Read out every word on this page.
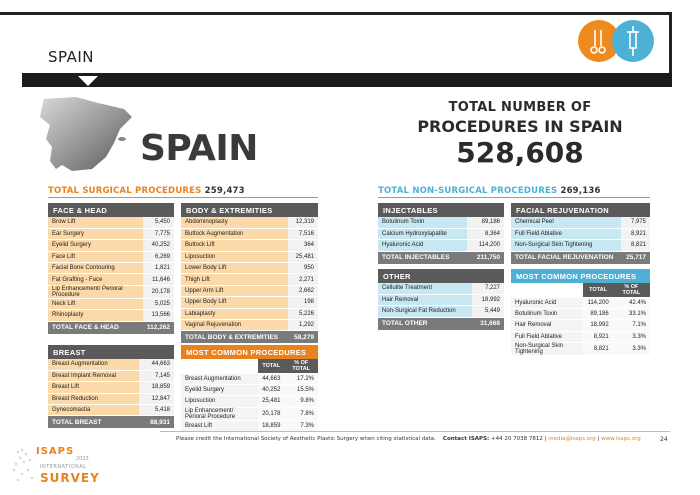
SPAIN
SPAIN
TOTAL NUMBER OF
PROCEDURES IN SPAIN
528,608
TOTAL SURGICAL PROCEDURES 259,473	TOTAL NON-SURGICAL PROCEDURES 269,136
FACE & HEAD	
Brow Lift	5,450
Ear Surgery	7,775
Eyelid Surgery	40,252
Face Lift	6,269
Facial Bone Contouring	1,821
Fat Grafting - Face	11,646
Lip Enhancement/ Perioral Procedure	20,178
Neck Lift	5,025
Rhinoplasty	13,566
TOTAL FACE & HEAD	112,262
BODY & EXTREMITIES	
Abdominoplasty	12,319
Buttock Augmentation	7,516
Buttock Lift	364
Liposuction	25,481
Lower Body Lift	950
Thigh Lift	2,271
Upper Arm Lift	2,662
Upper Body Lift	198
Labiaplasty	5,226
Vaginal Rejuvenation	1,292
TOTAL BODY & EXTREMITIES	58,279
BREAST	
Breast Augmentation	44,663
Breast Implant Removal	7,145
Breast Lift	18,859
Breast Reduction	12,847
Gynecomastia	5,418
TOTAL BREAST	88,931
MOST COMMON PROCEDURES		
	TOTAL	% OF TOTAL
Breast Augmentation	44,663	17.2%
Eyelid Surgery	40,252	15.5%
Liposuction	25,481	9.8%
Lip Enhancement/ Perioral Procedure	20,178	7.8%
Breast Lift	18,859	7.3%
INJECTABLES	
Botulinum Toxin	89,186
Calcium Hydroxylapatite	8,364
Hyaluronic Acid	114,200
TOTAL INJECTABLES	211,750
FACIAL REJUVENATION	
Chemical Peel	7,975
Full Field Ablative	8,921
Non-Surgical Skin Tightening	8,821
TOTAL FACIAL REJUVENATION	25,717
OTHER	
Cellulite Treatment	7,227
Hair Removal	18,992
Non-Surgical Fat Reduction	5,449
TOTAL OTHER	31,668
MOST COMMON PROCEDURES		
	TOTAL	% OF TOTAL
Hyaluronic Acid	114,200	42.4%
Botulinum Toxin	89,186	33.1%
Hair Removal	18,992	7.1%
Full Field Ablative	8,921	3.3%
Non-Surgical Skin Tightening	8,821	3.3%
Please credit the International Society of Aesthetic Plastic Surgery when citing statistical data. Contact ISAPS: +44 20 7038 7812 | media@isaps.org | www.isaps.org	24
ISAPS
2023
INTERNATIONAL
SURVEY
